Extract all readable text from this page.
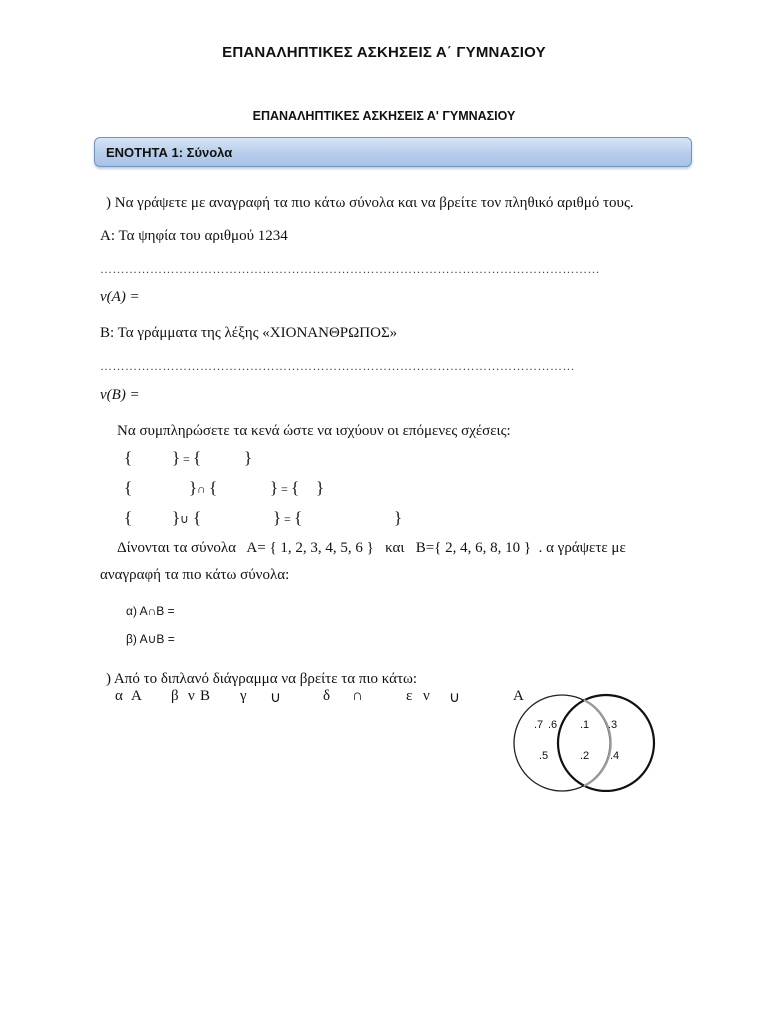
ΕΠΑΝΑΛΗΠΤΙΚΕΣ ΑΣΚΗΣΕΙΣ Α΄ ΓΥΜΝΑΣΙΟΥ
ΕΠΑΝΑΛΗΠΤΙΚΕΣ ΑΣΚΗΣΕΙΣ Α' ΓΥΜΝΑΣΙΟΥ
ΕΝΟΤΗΤΑ 1: Σύνολα
) Να γράψετε με αναγραφή τα πιο κάτω σύνολα και να βρείτε τον πληθικό αριθμό τους.
Α: Τα ψηφία του αριθμού 1234
…………………………………………………………………………………………………………
ν(A) =
Β: Τα γράμματα της λέξης «ΧΙΟΝΑΝΘΡΩΠΟΣ»
……………………………………………………………………………………………………
ν(B) =
Να συμπληρώσετε τα κενά ώστε να ισχύουν οι επόμενες σχέσεις:
{ } = {	}
{	} ∩ {	} = { }
{ } ∪ {	} = {	}
Δίνονται τα σύνολα Α= { 1, 2, 3, 4, 5, 6 } και Β={ 2, 4, 6, 8, 10 } . α γράψετε με
αναγραφή τα πιο κάτω σύνολα:
α) Α∩Β =
β) Α∪Β =
) Από το διπλανό διάγραμμα να βρείτε τα πιο κάτω:
α Α β ν Β γ ∪	δ ∩	ε ν ∪	Α
.7 .6
.5
.1
.2
.3
.4
